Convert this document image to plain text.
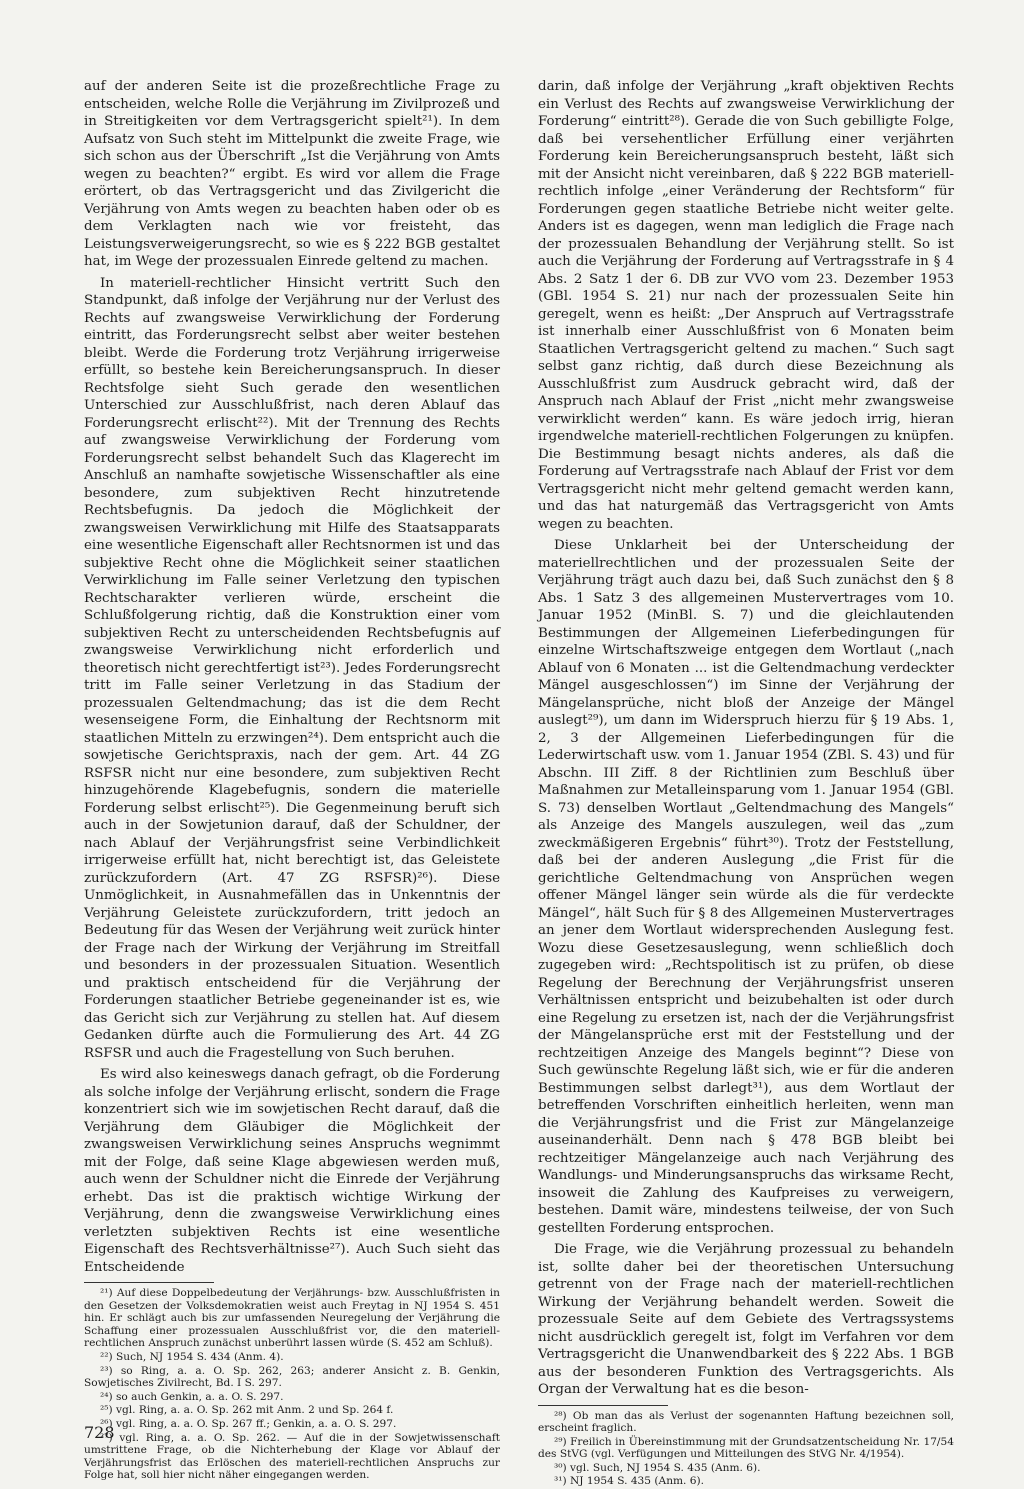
auf der anderen Seite ist die prozeßrechtliche Frage zu entscheiden, welche Rolle die Verjährung im Zivilprozeß und in Streitigkeiten vor dem Vertragsgericht spielt²¹). In dem Aufsatz von Such steht im Mittelpunkt die zweite Frage, wie sich schon aus der Überschrift „Ist die Verjährung von Amts wegen zu beachten?“ ergibt. Es wird vor allem die Frage erörtert, ob das Vertragsgericht und das Zivilgericht die Verjährung von Amts wegen zu beachten haben oder ob es dem Verklagten nach wie vor freisteht, das Leistungsverweigerungsrecht, so wie es § 222 BGB gestaltet hat, im Wege der prozessualen Einrede geltend zu machen.

In materiell-rechtlicher Hinsicht vertritt Such den Standpunkt, daß infolge der Verjährung nur der Verlust des Rechts auf zwangsweise Verwirklichung der Forderung eintritt, das Forderungsrecht selbst aber weiter bestehen bleibt. Werde die Forderung trotz Verjährung irrigerweise erfüllt, so bestehe kein Bereicherungsanspruch. In dieser Rechtsfolge sieht Such gerade den wesentlichen Unterschied zur Ausschlußfrist, nach deren Ablauf das Forderungsrecht erlischt²²). Mit der Trennung des Rechts auf zwangsweise Verwirklichung der Forderung vom Forderungsrecht selbst behandelt Such das Klagerecht im Anschluß an namhafte sowjetische Wissenschaftler als eine besondere, zum subjektiven Recht hinzutretende Rechtsbefugnis. Da jedoch die Möglichkeit der zwangsweisen Verwirklichung mit Hilfe des Staatsapparats eine wesentliche Eigenschaft aller Rechtsnormen ist und das subjektive Recht ohne die Möglichkeit seiner staatlichen Verwirklichung im Falle seiner Verletzung den typischen Rechtscharakter verlieren würde, erscheint die Schlußfolgerung richtig, daß die Konstruktion einer vom subjektiven Recht zu unterscheidenden Rechtsbefugnis auf zwangsweise Verwirklichung nicht erforderlich und theoretisch nicht gerechtfertigt ist²³). Jedes Forderungsrecht tritt im Falle seiner Verletzung in das Stadium der prozessualen Geltendmachung; das ist die dem Recht wesenseigene Form, die Einhaltung der Rechtsnorm mit staatlichen Mitteln zu erzwingen²⁴). Dem entspricht auch die sowjetische Gerichtspraxis, nach der gem. Art. 44 ZG RSFSR nicht nur eine besondere, zum subjektiven Recht hinzugehörende Klagebefugnis, sondern die materielle Forderung selbst erlischt²⁵). Die Gegenmeinung beruft sich auch in der Sowjetunion darauf, daß der Schuldner, der nach Ablauf der Verjährungsfrist seine Verbindlichkeit irrigerweise erfüllt hat, nicht berechtigt ist, das Geleistete zurückzufordern (Art. 47 ZG RSFSR)²⁶). Diese Unmöglichkeit, in Ausnahmefällen das in Unkenntnis der Verjährung Geleistete zurückzufordern, tritt jedoch an Bedeutung für das Wesen der Verjährung weit zurück hinter der Frage nach der Wirkung der Verjährung im Streitfall und besonders in der prozessualen Situation. Wesentlich und praktisch entscheidend für die Verjährung der Forderungen staatlicher Betriebe gegeneinander ist es, wie das Gericht sich zur Verjährung zu stellen hat. Auf diesem Gedanken dürfte auch die Formulierung des Art. 44 ZG RSFSR und auch die Fragestellung von Such beruhen.

Es wird also keineswegs danach gefragt, ob die Forderung als solche infolge der Verjährung erlischt, sondern die Frage konzentriert sich wie im sowjetischen Recht darauf, daß die Verjährung dem Gläubiger die Möglichkeit der zwangsweisen Verwirklichung seines Anspruchs wegnimmt mit der Folge, daß seine Klage abgewiesen werden muß, auch wenn der Schuldner nicht die Einrede der Verjährung erhebt. Das ist die praktisch wichtige Wirkung der Verjährung, denn die zwangsweise Verwirklichung eines verletzten subjektiven Rechts ist eine wesentliche Eigenschaft des Rechtsverhältnisse²⁷). Auch Such sieht das Entscheidende

²¹) Auf diese Doppelbedeutung der Verjährungs- bzw. Ausschlußfristen in den Gesetzen der Volksdemokratien weist auch Freytag in NJ 1954 S. 451 hin. Er schlägt auch bis zur umfassenden Neuregelung der Verjährung die Schaffung einer prozessualen Ausschlußfrist vor, die den materiell-rechtlichen Anspruch zunächst unberührt lassen würde (S. 452 am Schluß).

²²) Such, NJ 1954 S. 434 (Anm. 4).

²³) so Ring, a. a. O. Sp. 262, 263; anderer Ansicht z. B. Genkin, Sowjetisches Zivilrecht, Bd. I S. 297.

²⁴) so auch Genkin, a. a. O. S. 297.

²⁵) vgl. Ring, a. a. O. Sp. 262 mit Anm. 2 und Sp. 264 f.

²⁶) vgl. Ring, a. a. O. Sp. 267 ff.; Genkin, a. a. O. S. 297.

²⁷) vgl. Ring, a. a. O. Sp. 262. — Auf die in der Sowjetwissenschaft umstrittene Frage, ob die Nichterhebung der Klage vor Ablauf der Verjährungsfrist das Erlöschen des materiell-rechtlichen Anspruchs zur Folge hat, soll hier nicht näher eingegangen werden.

darin, daß infolge der Verjährung „kraft objektiven Rechts ein Verlust des Rechts auf zwangsweise Verwirklichung der Forderung“ eintritt²⁸). Gerade die von Such gebilligte Folge, daß bei versehentlicher Erfüllung einer verjährten Forderung kein Bereicherungsanspruch besteht, läßt sich mit der Ansicht nicht vereinbaren, daß § 222 BGB materiell-rechtlich infolge „einer Veränderung der Rechtsform“ für Forderungen gegen staatliche Betriebe nicht weiter gelte. Anders ist es dagegen, wenn man lediglich die Frage nach der prozessualen Behandlung der Verjährung stellt. So ist auch die Verjährung der Forderung auf Vertragsstrafe in § 4 Abs. 2 Satz 1 der 6. DB zur VVO vom 23. Dezember 1953 (GBl. 1954 S. 21) nur nach der prozessualen Seite hin geregelt, wenn es heißt: „Der Anspruch auf Vertragsstrafe ist innerhalb einer Ausschlußfrist von 6 Monaten beim Staatlichen Vertragsgericht geltend zu machen.“ Such sagt selbst ganz richtig, daß durch diese Bezeichnung als Ausschlußfrist zum Ausdruck gebracht wird, daß der Anspruch nach Ablauf der Frist „nicht mehr zwangsweise verwirklicht werden“ kann. Es wäre jedoch irrig, hieran irgendwelche materiell-rechtlichen Folgerungen zu knüpfen. Die Bestimmung besagt nichts anderes, als daß die Forderung auf Vertragsstrafe nach Ablauf der Frist vor dem Vertragsgericht nicht mehr geltend gemacht werden kann, und das hat naturgemäß das Vertragsgericht von Amts wegen zu beachten.

Diese Unklarheit bei der Unterscheidung der materiellrechtlichen und der prozessualen Seite der Verjährung trägt auch dazu bei, daß Such zunächst den § 8 Abs. 1 Satz 3 des allgemeinen Mustervertrages vom 10. Januar 1952 (MinBl. S. 7) und die gleichlautenden Bestimmungen der Allgemeinen Lieferbedingungen für einzelne Wirtschaftszweige entgegen dem Wortlaut („nach Ablauf von 6 Monaten ... ist die Geltendmachung verdeckter Mängel ausgeschlossen“) im Sinne der Verjährung der Mängelansprüche, nicht bloß der Anzeige der Mängel auslegt²⁹), um dann im Widerspruch hierzu für § 19 Abs. 1, 2, 3 der Allgemeinen Lieferbedingungen für die Lederwirtschaft usw. vom 1. Januar 1954 (ZBl. S. 43) und für Abschn. III Ziff. 8 der Richtlinien zum Beschluß über Maßnahmen zur Metalleinsparung vom 1. Januar 1954 (GBl. S. 73) denselben Wortlaut „Geltendmachung des Mangels“ als Anzeige des Mangels auszulegen, weil das „zum zweckmäßigeren Ergebnis“ führt³⁰). Trotz der Feststellung, daß bei der anderen Auslegung „die Frist für die gerichtliche Geltendmachung von Ansprüchen wegen offener Mängel länger sein würde als die für verdeckte Mängel“, hält Such für § 8 des Allgemeinen Mustervertrages an jener dem Wortlaut widersprechenden Auslegung fest. Wozu diese Gesetzesauslegung, wenn schließlich doch zugegeben wird: „Rechtspolitisch ist zu prüfen, ob diese Regelung der Berechnung der Verjährungsfrist unseren Verhältnissen entspricht und beizubehalten ist oder durch eine Regelung zu ersetzen ist, nach der die Verjährungsfrist der Mängelansprüche erst mit der Feststellung und der rechtzeitigen Anzeige des Mangels beginnt“? Diese von Such gewünschte Regelung läßt sich, wie er für die anderen Bestimmungen selbst darlegt³¹), aus dem Wortlaut der betreffenden Vorschriften einheitlich herleiten, wenn man die Verjährungsfrist und die Frist zur Mängelanzeige auseinanderhält. Denn nach § 478 BGB bleibt bei rechtzeitiger Mängelanzeige auch nach Verjährung des Wandlungs- und Minderungsanspruchs das wirksame Recht, insoweit die Zahlung des Kaufpreises zu verweigern, bestehen. Damit wäre, mindestens teilweise, der von Such gestellten Forderung entsprochen.

Die Frage, wie die Verjährung prozessual zu behandeln ist, sollte daher bei der theoretischen Untersuchung getrennt von der Frage nach der materiell-rechtlichen Wirkung der Verjährung behandelt werden. Soweit die prozessuale Seite auf dem Gebiete des Vertragssystems nicht ausdrücklich geregelt ist, folgt im Verfahren vor dem Vertragsgericht die Unanwendbarkeit des § 222 Abs. 1 BGB aus der besonderen Funktion des Vertragsgerichts. Als Organ der Verwaltung hat es die beson-

²⁸) Ob man das als Verlust der sogenannten Haftung bezeichnen soll, erscheint fraglich.

²⁹) Freilich in Übereinstimmung mit der Grundsatzentscheidung Nr. 17/54 des StVG (vgl. Verfügungen und Mitteilungen des StVG Nr. 4/1954).

³⁰) vgl. Such, NJ 1954 S. 435 (Anm. 6).

³¹) NJ 1954 S. 435 (Anm. 6).

728
